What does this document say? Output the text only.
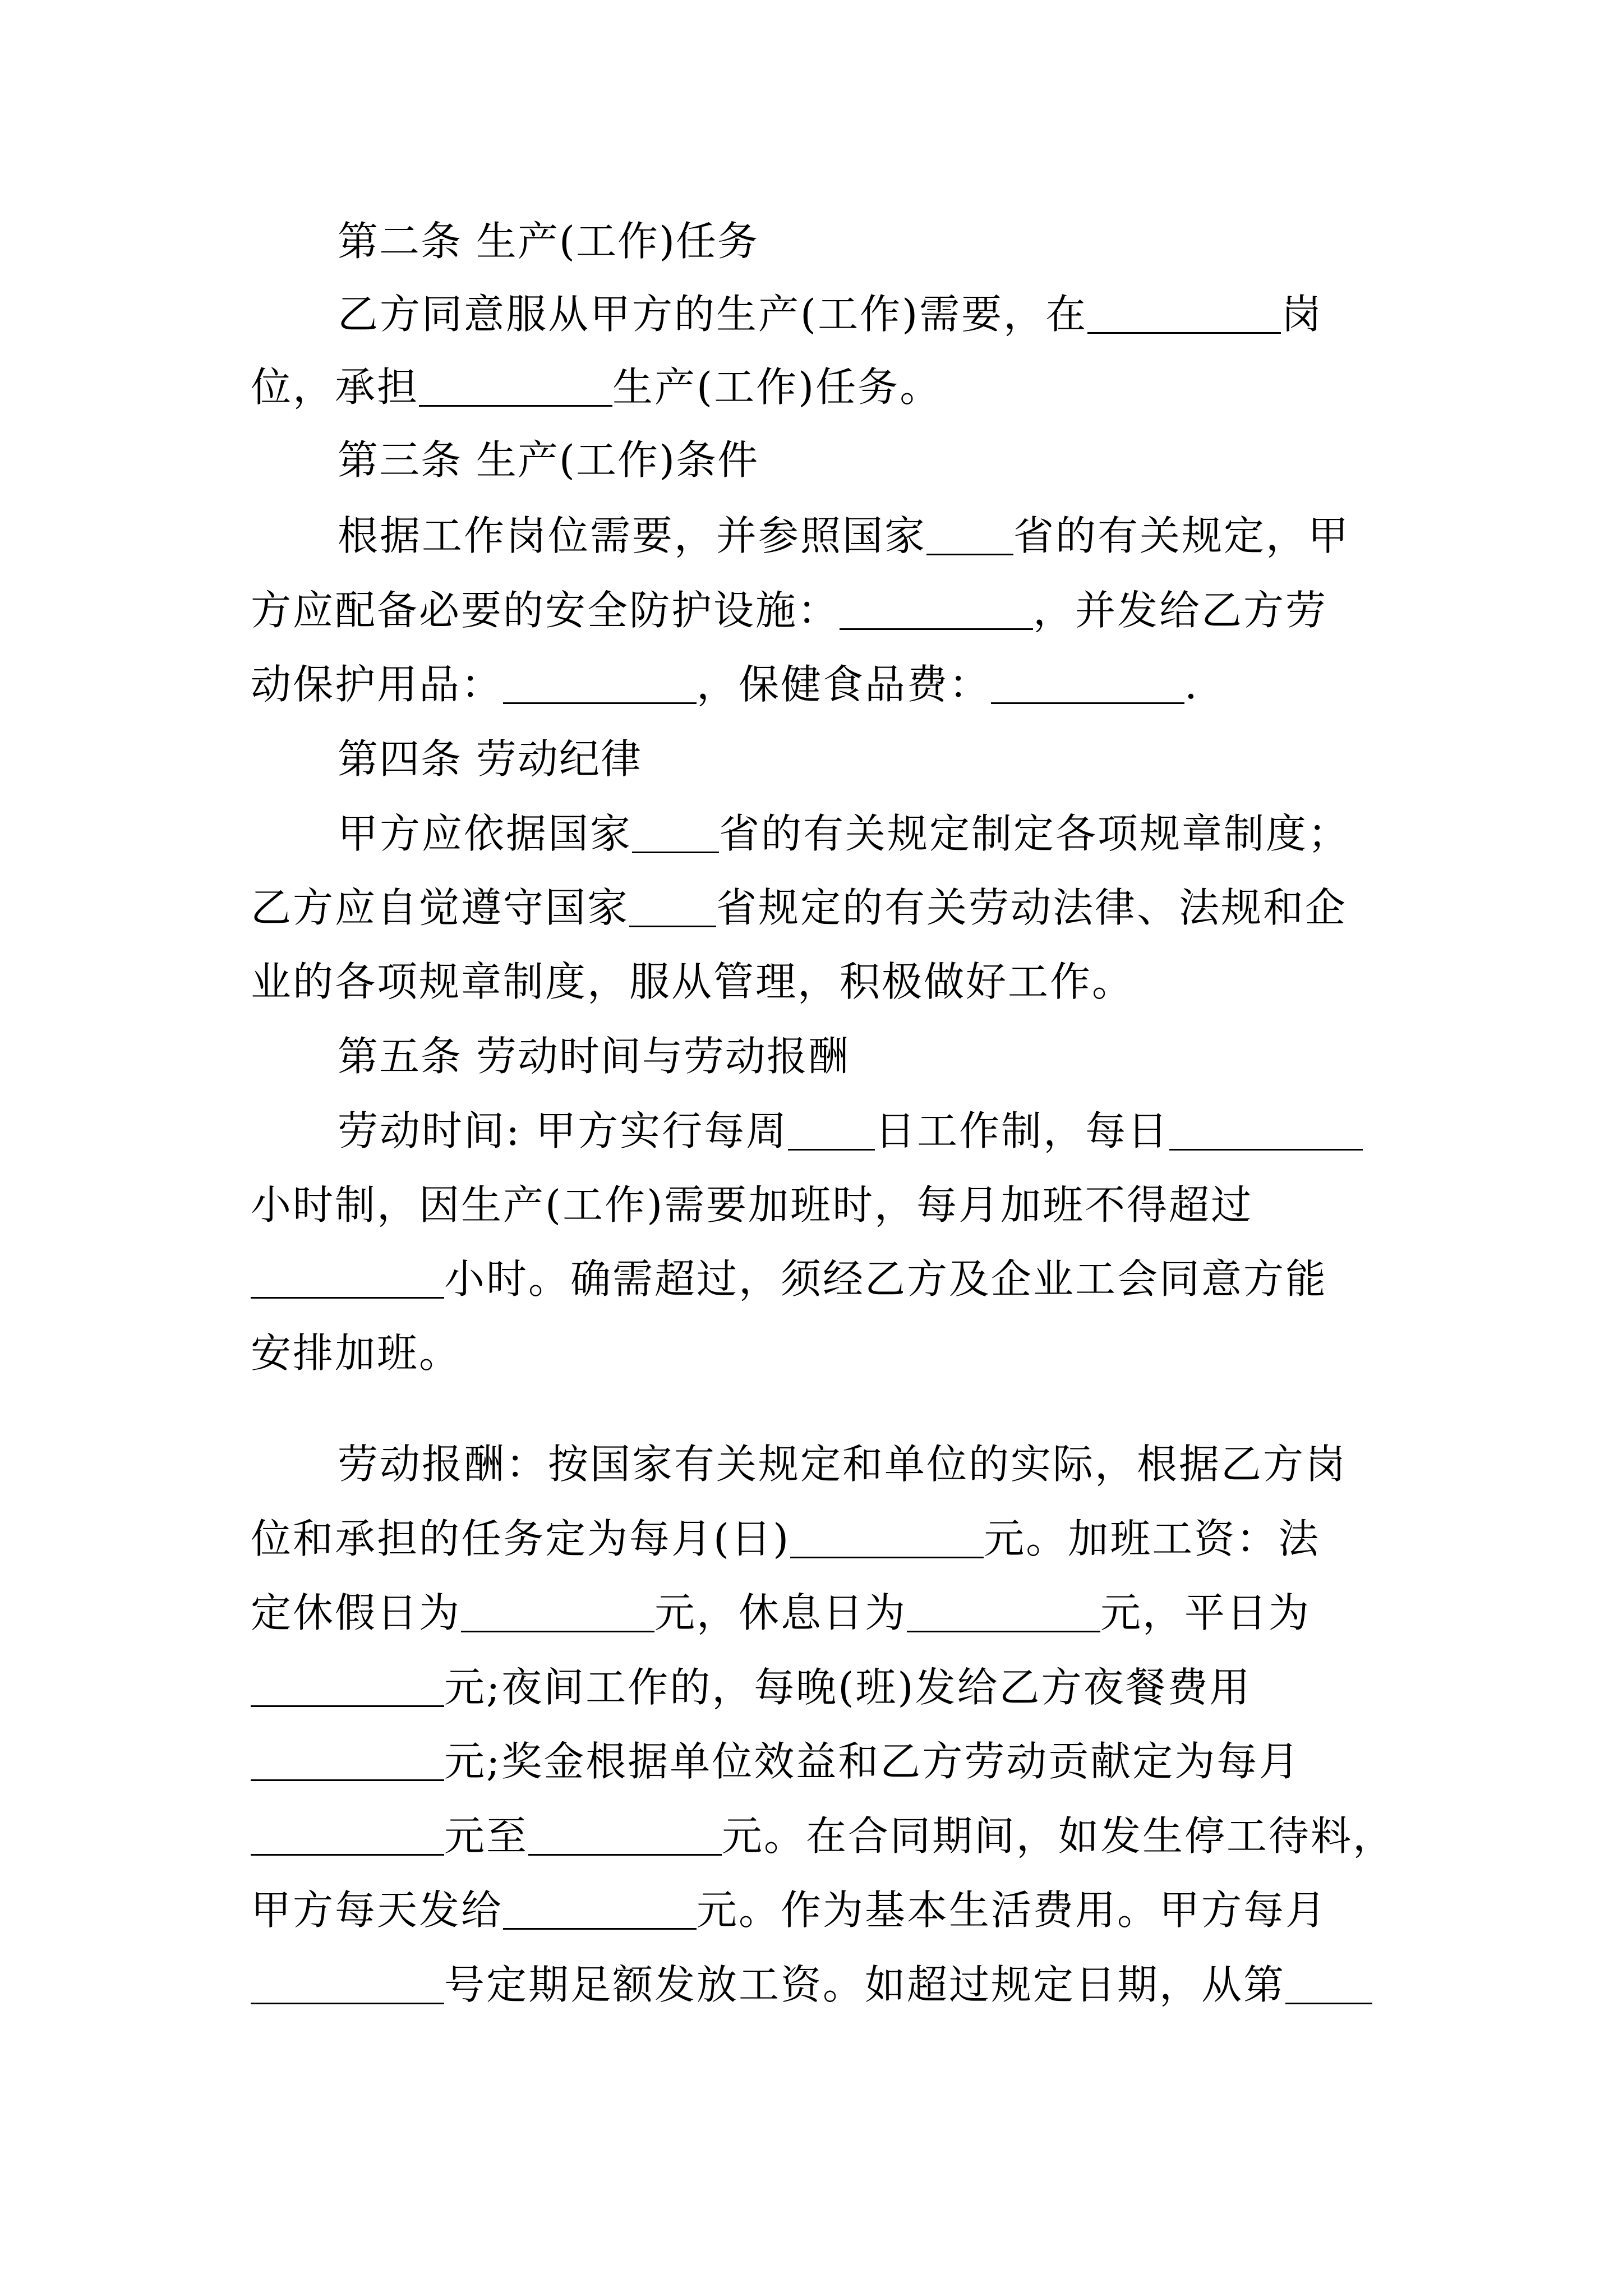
第二条 生产(工作)任务
乙方同意服从甲方的生产(工作)需要，在	岗
位，承担	生产(工作)任务。
第三条 生产(工作)条件
根据工作岗位需要，并参照国家 省的有关规定，甲
方应配备必要的安全防护设施：	，并发给乙方劳
动保护用品：	，保健食品费：	.
第四条 劳动纪律
甲方应依据国家 省的有关规定制定各项规章制度；
乙方应自觉遵守国家 省规定的有关劳动法律、法规和企
业的各项规章制度，服从管理，积极做好工作。
第五条 劳动时间与劳动报酬
劳动时间: 甲方实行每周 日工作制，每日
小时制，因生产(工作)需要加班时，每月加班不得超过
小时。确需超过，须经乙方及企业工会同意方能
安排加班。
劳动报酬：按国家有关规定和单位的实际，根据乙方岗
位和承担的任务定为每月(日)	元。加班工资：法
定休假日为	元，休息日为	元，平日为
元;夜间工作的，每晚(班)发给乙方夜餐费用
元;奖金根据单位效益和乙方劳动贡献定为每月
元至	元。在合同期间，如发生停工待料，
甲方每天发给	元。作为基本生活费用。甲方每月
号定期足额发放工资。如超过规定日期，从第
